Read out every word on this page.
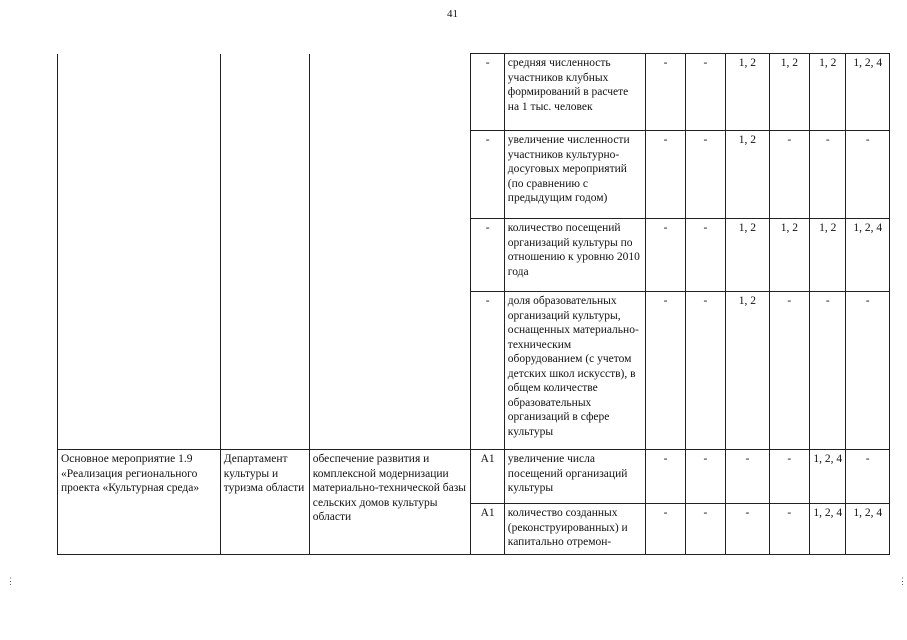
41
			-	средняя численность участников клубных формирований в расчете на 1 тыс. человек	-	-	1, 2	1, 2	1, 2	1, 2, 4
			-	увеличение численности участников культурно-досуговых мероприятий (по сравнению с предыдущим годом)	-	-	1, 2	-	-	-
			-	количество посещений организаций культуры по отношению к уровню 2010 года	-	-	1, 2	1, 2	1, 2	1, 2, 4
			-	доля образовательных организаций культуры, оснащенных материально-техническим оборудованием (с учетом детских школ искусств), в общем количестве образовательных организаций в сфере культуры	-	-	1, 2	-	-	-
Основное мероприятие 1.9 «Реализация регионального проекта «Культурная среда»	Департамент культуры и туризма области	обеспечение развития и комплексной модернизации материально-технической базы сельских домов культуры области	А1	увеличение числа посещений организаций культуры	-	-	-	-	1, 2, 4	-
			А1	количество созданных (реконструированных) и капитально отремон-	-	-	-	-	1, 2, 4	1, 2, 4
⋮	⋮
